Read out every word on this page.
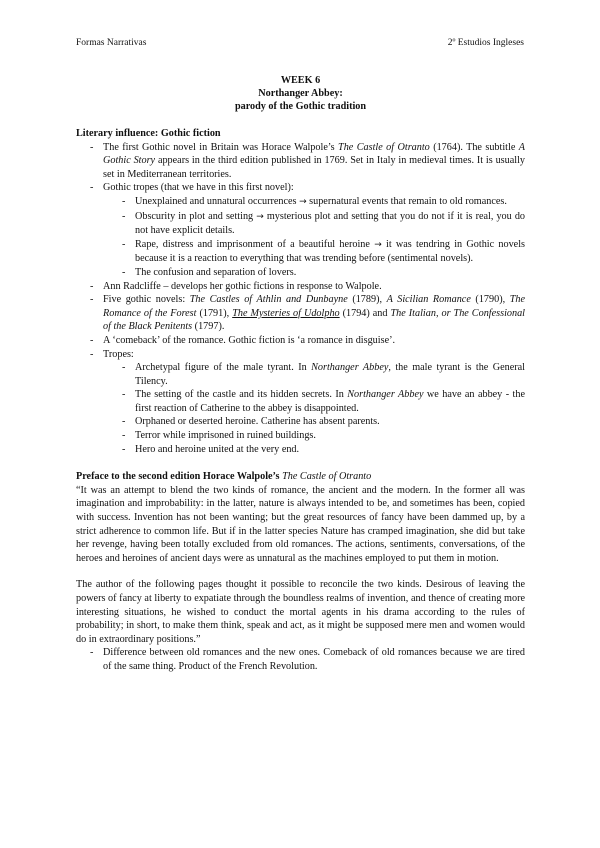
Formas Narrativas	2º Estudios Ingleses
WEEK 6
Northanger Abbey:
parody of the Gothic tradition
Literary influence: Gothic fiction
- The first Gothic novel in Britain was Horace Walpole’s The Castle of Otranto (1764). The subtitle A Gothic Story appears in the third edition published in 1769. Set in Italy in medieval times. It is usually set in Mediterranean territories.
- Gothic tropes (that we have in this first novel):
- Unexplained and unnatural occurrences → supernatural events that remain to old romances.
- Obscurity in plot and setting → mysterious plot and setting that you do not if it is real, you do not have explicit details.
- Rape, distress and imprisonment of a beautiful heroine → it was tendring in Gothic novels because it is a reaction to everything that was trending before (sentimental novels).
- The confusion and separation of lovers.
- Ann Radcliffe – develops her gothic fictions in response to Walpole.
- Five gothic novels: The Castles of Athlin and Dunbayne (1789), A Sicilian Romance (1790), The Romance of the Forest (1791), The Mysteries of Udolpho (1794) and The Italian, or The Confessional of the Black Penitents (1797).
- A ‘comeback’ of the romance. Gothic fiction is ‘a romance in disguise’.
- Tropes:
- Archetypal figure of the male tyrant. In Northanger Abbey, the male tyrant is the General Tilency.
- The setting of the castle and its hidden secrets. In Northanger Abbey we have an abbey - the first reaction of Catherine to the abbey is disappointed.
- Orphaned or deserted heroine. Catherine has absent parents.
- Terror while imprisoned in ruined buildings.
- Hero and heroine united at the very end.
Preface to the second edition Horace Walpole’s The Castle of Otranto
“It was an attempt to blend the two kinds of romance, the ancient and the modern. In the former all was imagination and improbability: in the latter, nature is always intended to be, and sometimes has been, copied with success. Invention has not been wanting; but the great resources of fancy have been dammed up, by a strict adherence to common life. But if in the latter species Nature has cramped imagination, she did but take her revenge, having been totally excluded from old romances. The actions, sentiments, conversations, of the heroes and heroines of ancient days were as unnatural as the machines employed to put them in motion.
The author of the following pages thought it possible to reconcile the two kinds. Desirous of leaving the powers of fancy at liberty to expatiate through the boundless realms of invention, and thence of creating more interesting situations, he wished to conduct the mortal agents in his drama according to the rules of probability; in short, to make them think, speak and act, as it might be supposed mere men and women would do in extraordinary positions.”
- Difference between old romances and the new ones. Comeback of old romances because we are tired of the same thing. Product of the French Revolution.
